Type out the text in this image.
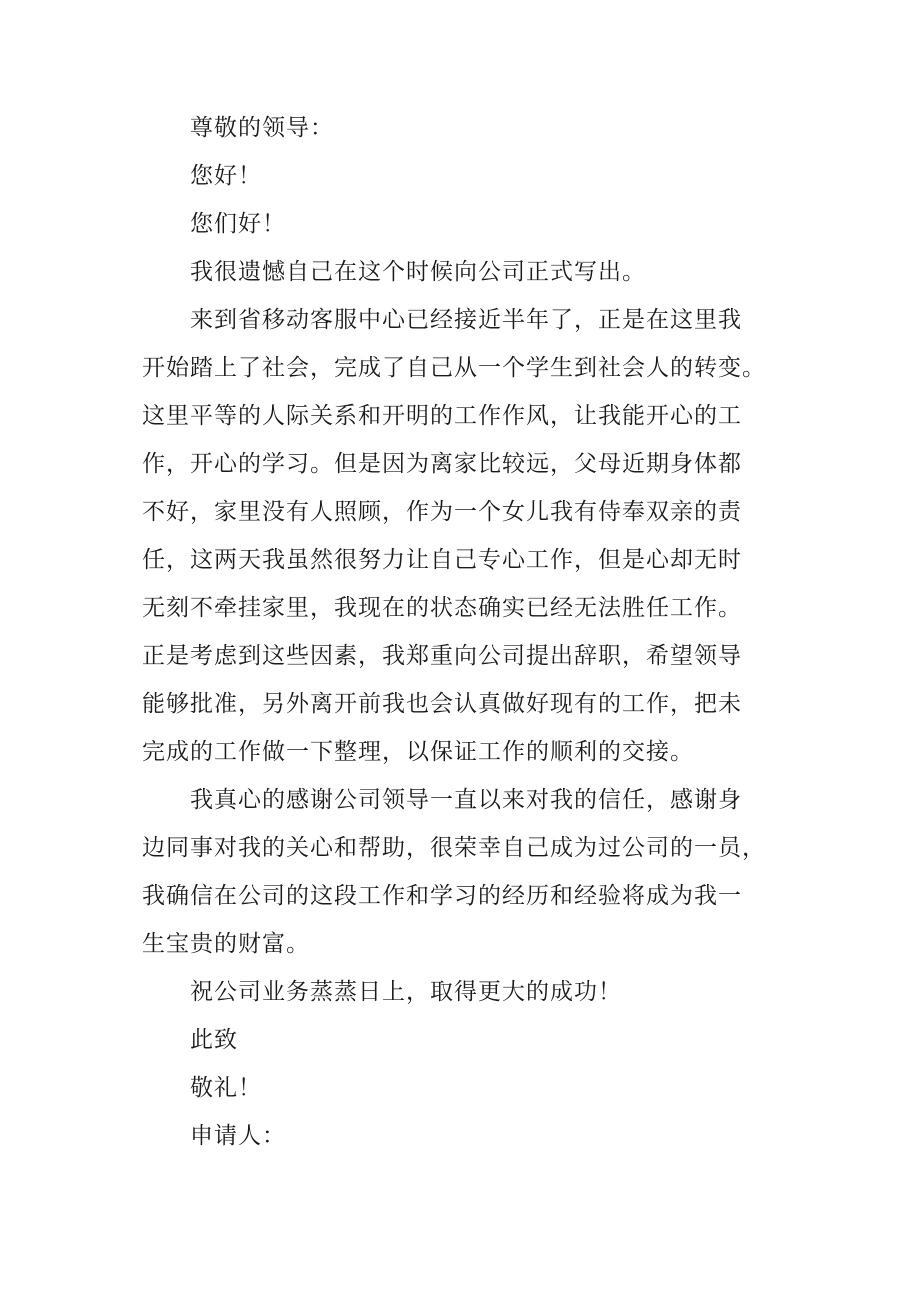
尊敬的领导：

您好！

您们好！

我很遗憾自己在这个时候向公司正式写出。

来到省移动客服中心已经接近半年了，正是在这里我
开始踏上了社会，完成了自己从一个学生到社会人的转变。
这里平等的人际关系和开明的工作作风，让我能开心的工
作，开心的学习。但是因为离家比较远，父母近期身体都
不好，家里没有人照顾，作为一个女儿我有侍奉双亲的责
任，这两天我虽然很努力让自己专心工作，但是心却无时
无刻不牵挂家里，我现在的状态确实已经无法胜任工作。
正是考虑到这些因素，我郑重向公司提出辞职，希望领导
能够批准，另外离开前我也会认真做好现有的工作，把未
完成的工作做一下整理，以保证工作的顺利的交接。
我真心的感谢公司领导一直以来对我的信任，感谢身
边同事对我的关心和帮助，很荣幸自己成为过公司的一员，
我确信在公司的这段工作和学习的经历和经验将成为我一
生宝贵的财富。

祝公司业务蒸蒸日上，取得更大的成功！

此致

敬礼！

申请人：
